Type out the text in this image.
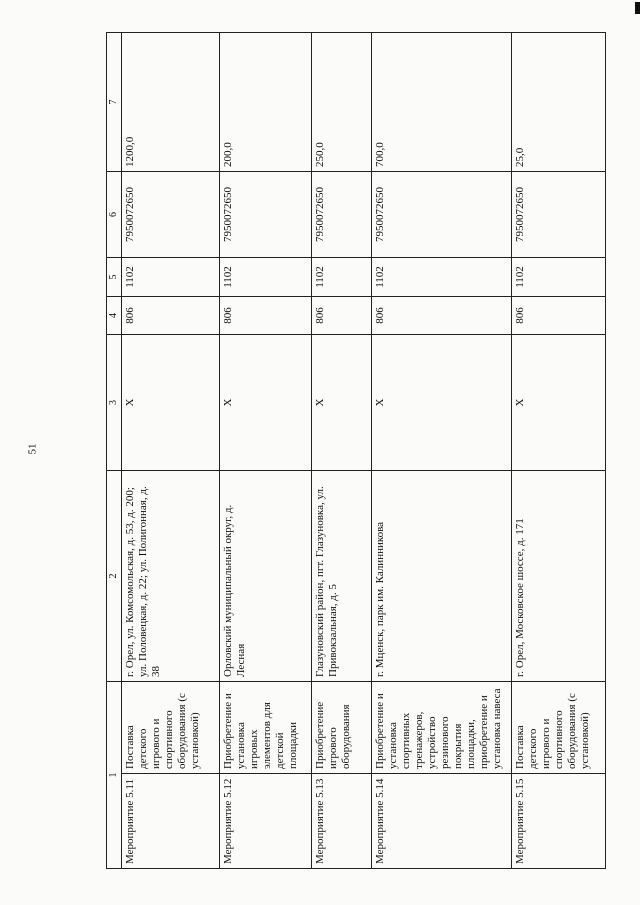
51
1		2	3	4	5	6	7
Мероприятие 5.11	Поставка детского игрового и спортивного оборудования (с установкой)	г. Орел, ул. Комсомольская, д. 53, д. 200; ул. Половецкая, д. 22; ул. Полигонная, д. 38	Х	806	1102	7950072650	1200,0
Мероприятие 5.12	Приобретение и установка игровых элементов для детской площадки	Орловский муниципальный округ, д. Лесная	Х	806	1102	7950072650	200,0
Мероприятие 5.13	Приобретение игрового оборудования	Глазуновский район, пгт. Глазуновка, ул. Привокзальная, д. 5	Х	806	1102	7950072650	250,0
Мероприятие 5.14	Приобретение и установка спортивных тренажеров, устройство резинового покрытия площадки, приобретение и установка навеса	г. Мценск, парк им. Калинникова	Х	806	1102	7950072650	700,0
Мероприятие 5.15	Поставка детского игрового и спортивного оборудования (с установкой)	г. Орел, Московское шоссе, д. 171	Х	806	1102	7950072650	25,0
